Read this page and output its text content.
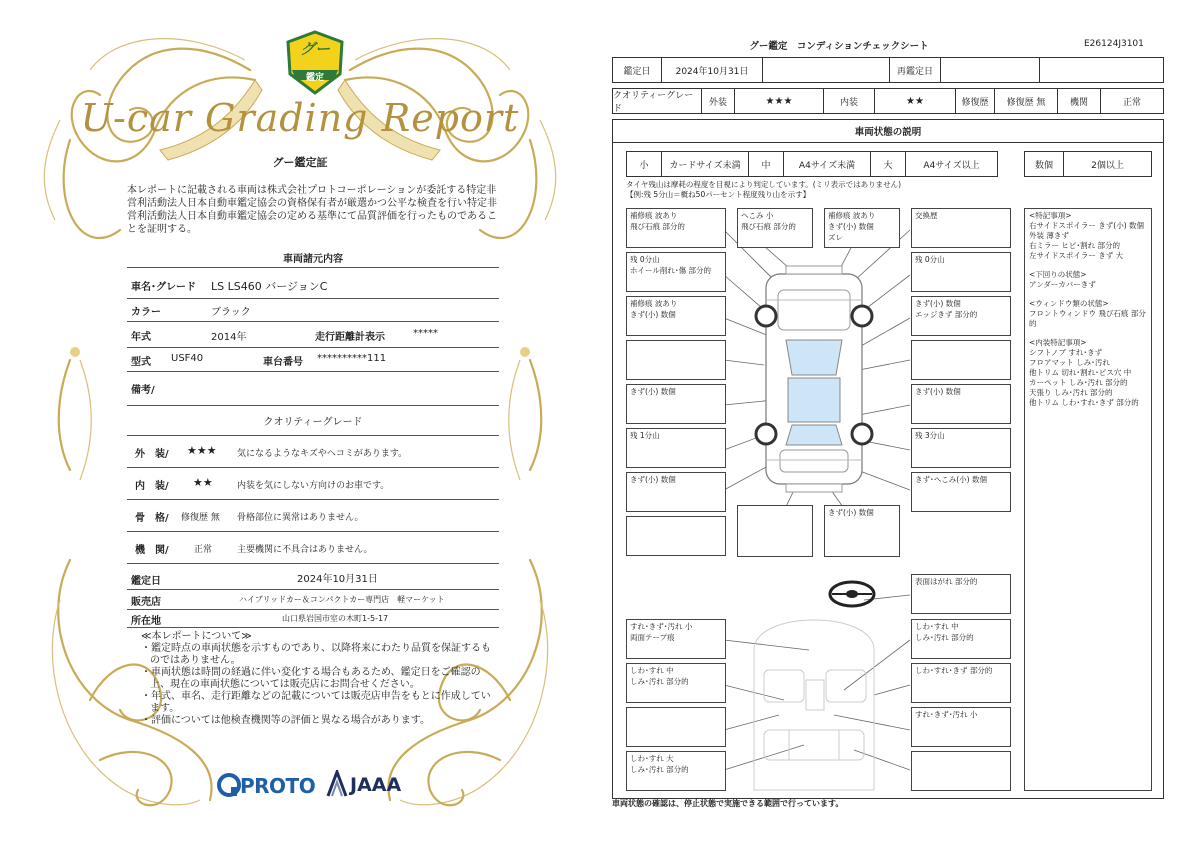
グー
鑑定
U-car Grading Report
グー鑑定証
本レポートに記載される車両は株式会社プロトコーポレーションが委託する特定非営利活動法人日本自動車鑑定協会の資格保有者が厳選かつ公平な検査を行い特定非営利活動法人日本自動車鑑定協会の定める基準にて品質評価を行ったものであることを証明する。
車両諸元内容
車名･グレード LS LS460 バージョンC
カラー	ブラック
年式	2014年	走行距離計表示	*****
型式 USF40	車台番号 **********111
備考/
クオリティーグレード
外　装/ ★★★ 気になるようなキズやヘコミがあります。
内　装/ ★★	内装を気にしない方向けのお車です。
骨　格/ 修復歴 無 骨格部位に異常はありません。
機　関/	正常	主要機関に不具合はありません。
鑑定日	2024年10月31日
販売店	ハイブリッドカー＆コンパクトカー専門店　軽マーケット
所在地	山口県岩国市室の木町1-5-17
≪本レポートについて≫
・鑑定時点の車両状態を示すものであり、以降将来にわたり品質を保証するものではありません。
・車両状態は時間の経過に伴い変化する場合もあるため、鑑定日をご確認の上、現在の車両状態については販売店にお問合せください。
・年式、車名、走行距離などの記載については販売店申告をもとに作成しています。
・評価については他検査機関等の評価と異なる場合があります。
PROTO JAAA
グー鑑定　コンディションチェックシート	E26124J3101
鑑定日	2024年10月31日	再鑑定日
クオリティーグレード
外装	★★★	内装	★★	修復歴	修復歴 無	機関	正常
車両状態の説明
小	カードサイズ未満	中	A4サイズ未満	大	A4サイズ以上	数個	2個以上
タイヤ残山は摩耗の程度を目視により判定しています。(ミリ表示ではありません)
【例:残 5分山＝概ね50パーセント程度残り山を示す】
補修痕 波あり
飛び石痕 部分的
残 0分山
ホイール削れ･傷 部分的
補修痕 波あり
きず(小) 数個
きず(小) 数個
残 1分山
きず(小) 数個
へこみ 小
飛び石痕 部分的
補修痕 波あり
きず(小) 数個
ズレ
交換歴
残 0分山
きず(小) 数個
エッジきず 部分的
きず(小) 数個
残 3分山
きず･へこみ(小) 数個
きず(小) 数個
すれ･きず･汚れ 小
両面テープ痕
しわ･すれ 中
しみ･汚れ 部分的
しわ･すれ 大
しみ･汚れ 部分的
表面はがれ 部分的
しわ･すれ 中
しみ･汚れ 部分的
しわ･すれ･きず 部分的
すれ･きず･汚れ 小
<特記事項>
右サイドスポイラー きず(小) 数個
外装 薄きず
右ミラー ヒビ･割れ 部分的
左サイドスポイラー きず 大
<下回りの状態>
アンダーカバーきず
<ウィンドウ類の状態>
フロントウィンドウ 飛び石痕 部分的
<内装特記事項>
シフトノブ すれ･きず
フロアマット しみ･汚れ
他トリム 切れ･割れ･ピス穴 中
カーペット しみ･汚れ 部分的
天張り しみ･汚れ 部分的
他トリム しわ･すれ･きず 部分的
車両状態の確認は、停止状態で実施できる範囲で行っています。
